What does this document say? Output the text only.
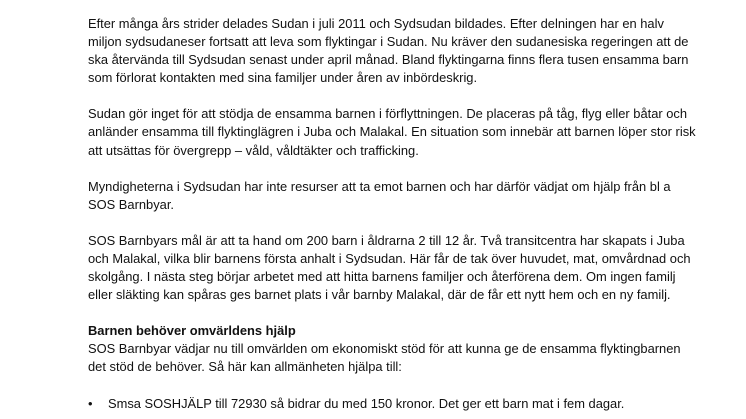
Efter många års strider delades Sudan i juli 2011 och Sydsudan bildades. Efter delningen har en halv miljon sydsudaneser fortsatt att leva som flyktingar i Sudan. Nu kräver den sudanesiska regeringen att de ska återvända till Sydsudan senast under april månad. Bland flyktingarna finns flera tusen ensamma barn som förlorat kontakten med sina familjer under åren av inbördeskrig.

Sudan gör inget för att stödja de ensamma barnen i förflyttningen. De placeras på tåg, flyg eller båtar och anländer ensamma till flyktinglägren i Juba och Malakal. En situation som innebär att barnen löper stor risk att utsättas för övergrepp – våld, våldtäkter och trafficking.

Myndigheterna i Sydsudan har inte resurser att ta emot barnen och har därför vädjat om hjälp från bl a SOS Barnbyar.

SOS Barnbyars mål är att ta hand om 200 barn i åldrarna 2 till 12 år. Två transitcentra har skapats i Juba och Malakal, vilka blir barnens första anhalt i Sydsudan. Här får de tak över huvudet, mat, omvårdnad och skolgång. I nästa steg börjar arbetet med att hitta barnens familjer och återförena dem. Om ingen familj eller släkting kan spåras ges barnet plats i vår barnby Malakal, där de får ett nytt hem och en ny familj.

Barnen behöver omvärldens hjälp
SOS Barnbyar vädjar nu till omvärlden om ekonomiskt stöd för att kunna ge de ensamma flyktingbarnen det stöd de behöver. Så här kan allmänheten hjälpa till:
• Smsa SOSHJÄLP till 72930 så bidrar du med 150 kronor. Det ger ett barn mat i fem dagar.
